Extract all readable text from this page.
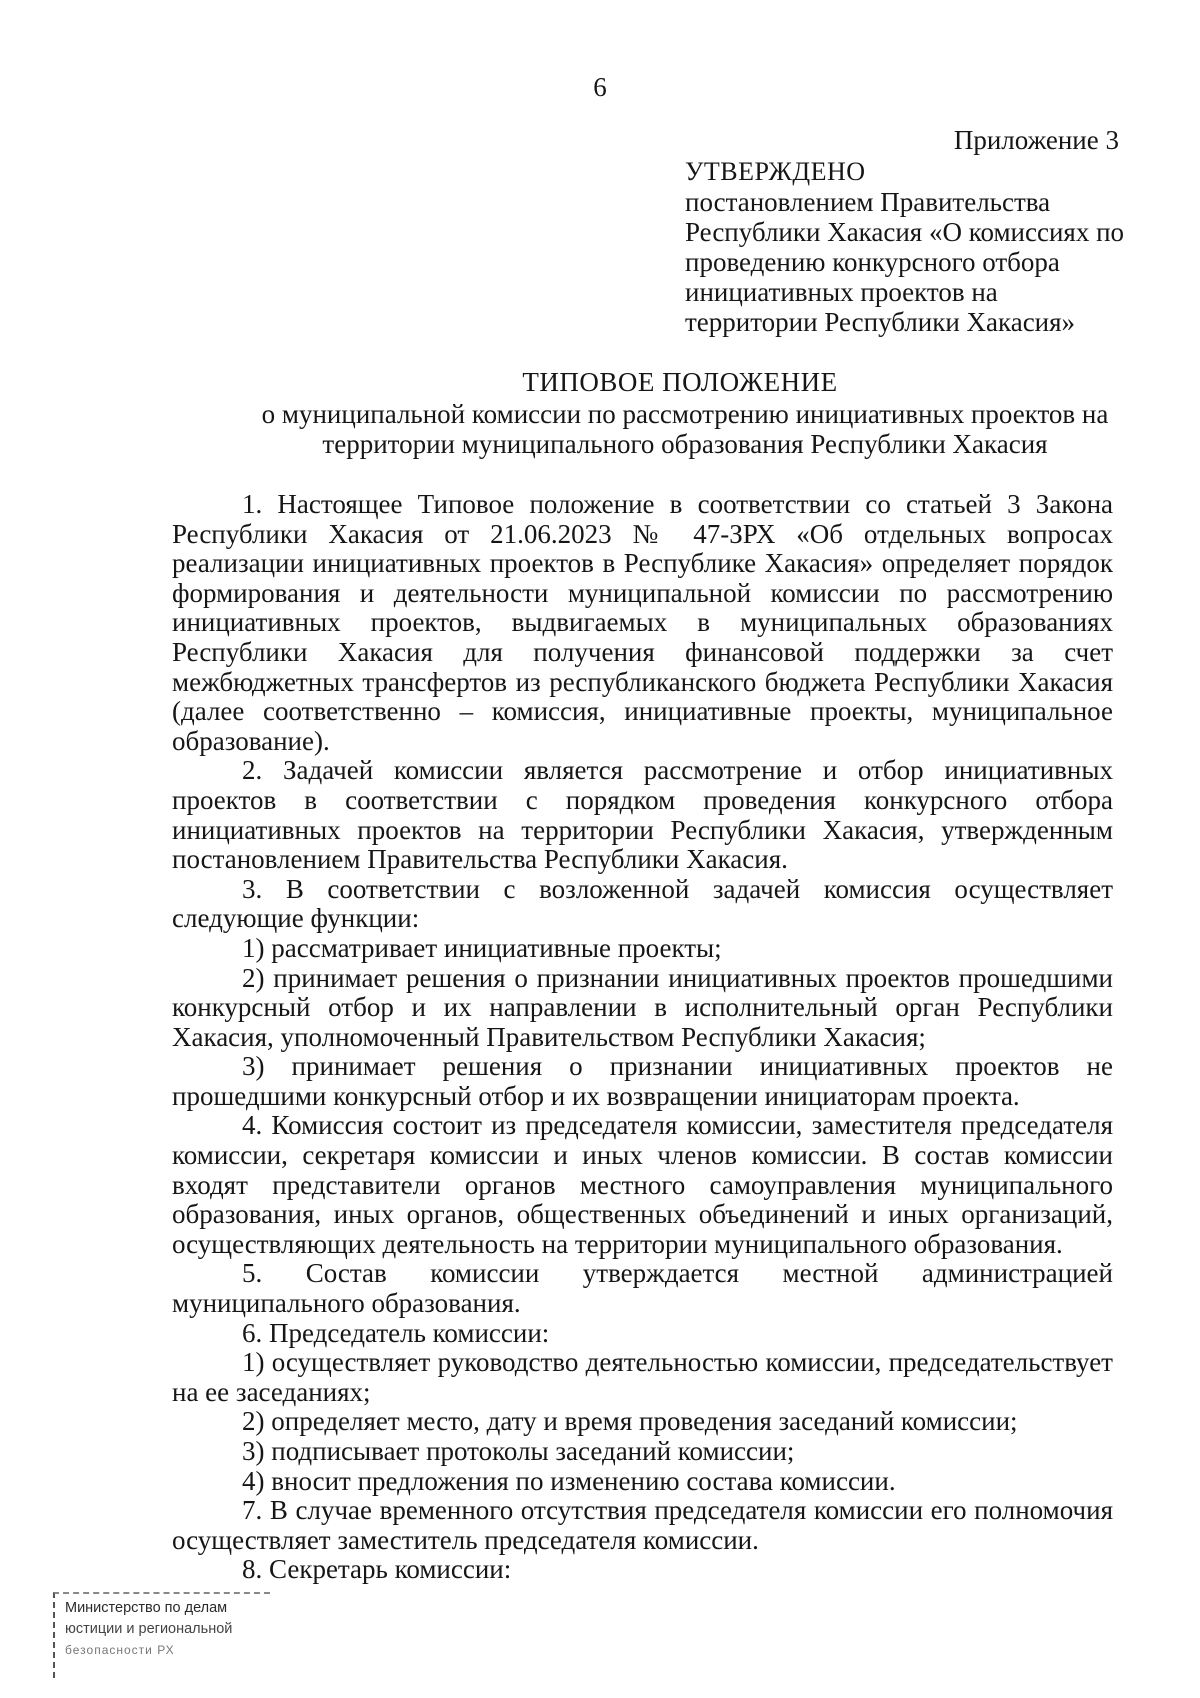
6
Приложение 3
УТВЕРЖДЕНО
постановлением Правительства
Республики Хакасия «О комиссиях по
проведению конкурсного отбора
инициативных проектов на
территории Республики Хакасия»
ТИПОВОЕ ПОЛОЖЕНИЕ
о муниципальной комиссии по рассмотрению инициативных проектов на
территории муниципального образования Республики Хакасия

1. Настоящее Типовое положение в соответствии со статьей 3 Закона Республики Хакасия от 21.06.2023 № 47-ЗРХ «Об отдельных вопросах реализации инициативных проектов в Республике Хакасия» определяет порядок формирования и деятельности муниципальной комиссии по рассмотрению инициативных проектов, выдвигаемых в муниципальных образованиях Республики Хакасия для получения финансовой поддержки за счет межбюджетных трансфертов из республиканского бюджета Республики Хакасия (далее соответственно – комиссия, инициативные проекты, муниципальное образование).

2. Задачей комиссии является рассмотрение и отбор инициативных проектов в соответствии с порядком проведения конкурсного отбора инициативных проектов на территории Республики Хакасия, утвержденным постановлением Правительства Республики Хакасия.

3. В соответствии с возложенной задачей комиссия осуществляет следующие функции:

1) рассматривает инициативные проекты;

2) принимает решения о признании инициативных проектов прошедшими конкурсный отбор и их направлении в исполнительный орган Республики Хакасия, уполномоченный Правительством Республики Хакасия;

3) принимает решения о признании инициативных проектов не прошедшими конкурсный отбор и их возвращении инициаторам проекта.

4. Комиссия состоит из председателя комиссии, заместителя председателя комиссии, секретаря комиссии и иных членов комиссии. В состав комиссии входят представители органов местного самоуправления муниципального образования, иных органов, общественных объединений и иных организаций, осуществляющих деятельность на территории муниципального образования.

5. Состав комиссии утверждается местной администрацией муниципального образования.

6. Председатель комиссии:

1) осуществляет руководство деятельностью комиссии, председательствует на ее заседаниях;

2) определяет место, дату и время проведения заседаний комиссии;

3) подписывает протоколы заседаний комиссии;

4) вносит предложения по изменению состава комиссии.

7. В случае временного отсутствия председателя комиссии его полномочия осуществляет заместитель председателя комиссии.

8. Секретарь комиссии:

Министерство по делам
юстиции и региональной
безопасности РХ
